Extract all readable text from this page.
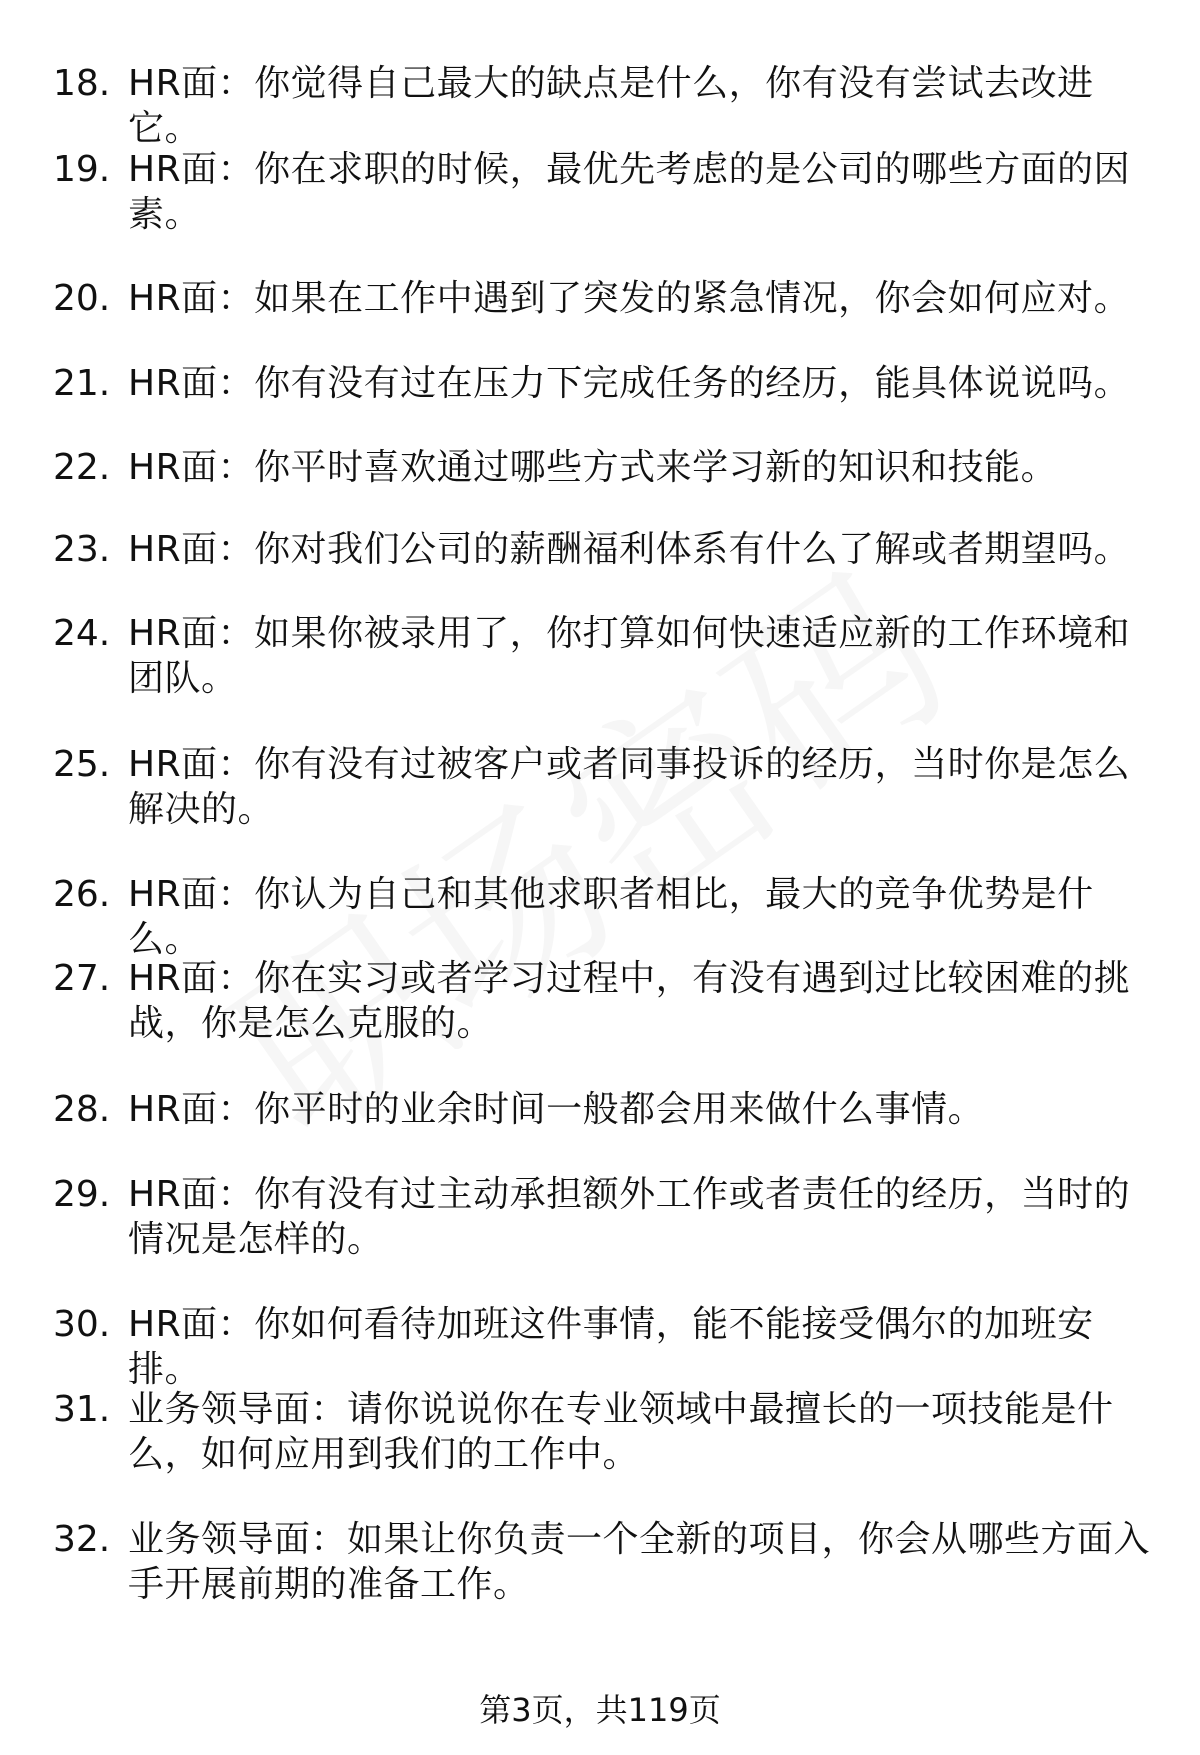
18. HR面：你觉得自己最大的缺点是什么，你有没有尝试去改进它。
19. HR面：你在求职的时候，最优先考虑的是公司的哪些方面的因素。
20. HR面：如果在工作中遇到了突发的紧急情况，你会如何应对。
21. HR面：你有没有过在压力下完成任务的经历，能具体说说吗。
22. HR面：你平时喜欢通过哪些方式来学习新的知识和技能。
23. HR面：你对我们公司的薪酬福利体系有什么了解或者期望吗。
24. HR面：如果你被录用了，你打算如何快速适应新的工作环境和团队。
25. HR面：你有没有过被客户或者同事投诉的经历，当时你是怎么解决的。
26. HR面：你认为自己和其他求职者相比，最大的竞争优势是什么。
27. HR面：你在实习或者学习过程中，有没有遇到过比较困难的挑战，你是怎么克服的。
28. HR面：你平时的业余时间一般都会用来做什么事情。
29. HR面：你有没有过主动承担额外工作或者责任的经历，当时的情况是怎样的。
30. HR面：你如何看待加班这件事情，能不能接受偶尔的加班安排。
31. 业务领导面：请你说说你在专业领域中最擅长的一项技能是什么，如何应用到我们的工作中。
32. 业务领导面：如果让你负责一个全新的项目，你会从哪些方面入手开展前期的准备工作。
第3页，共119页
